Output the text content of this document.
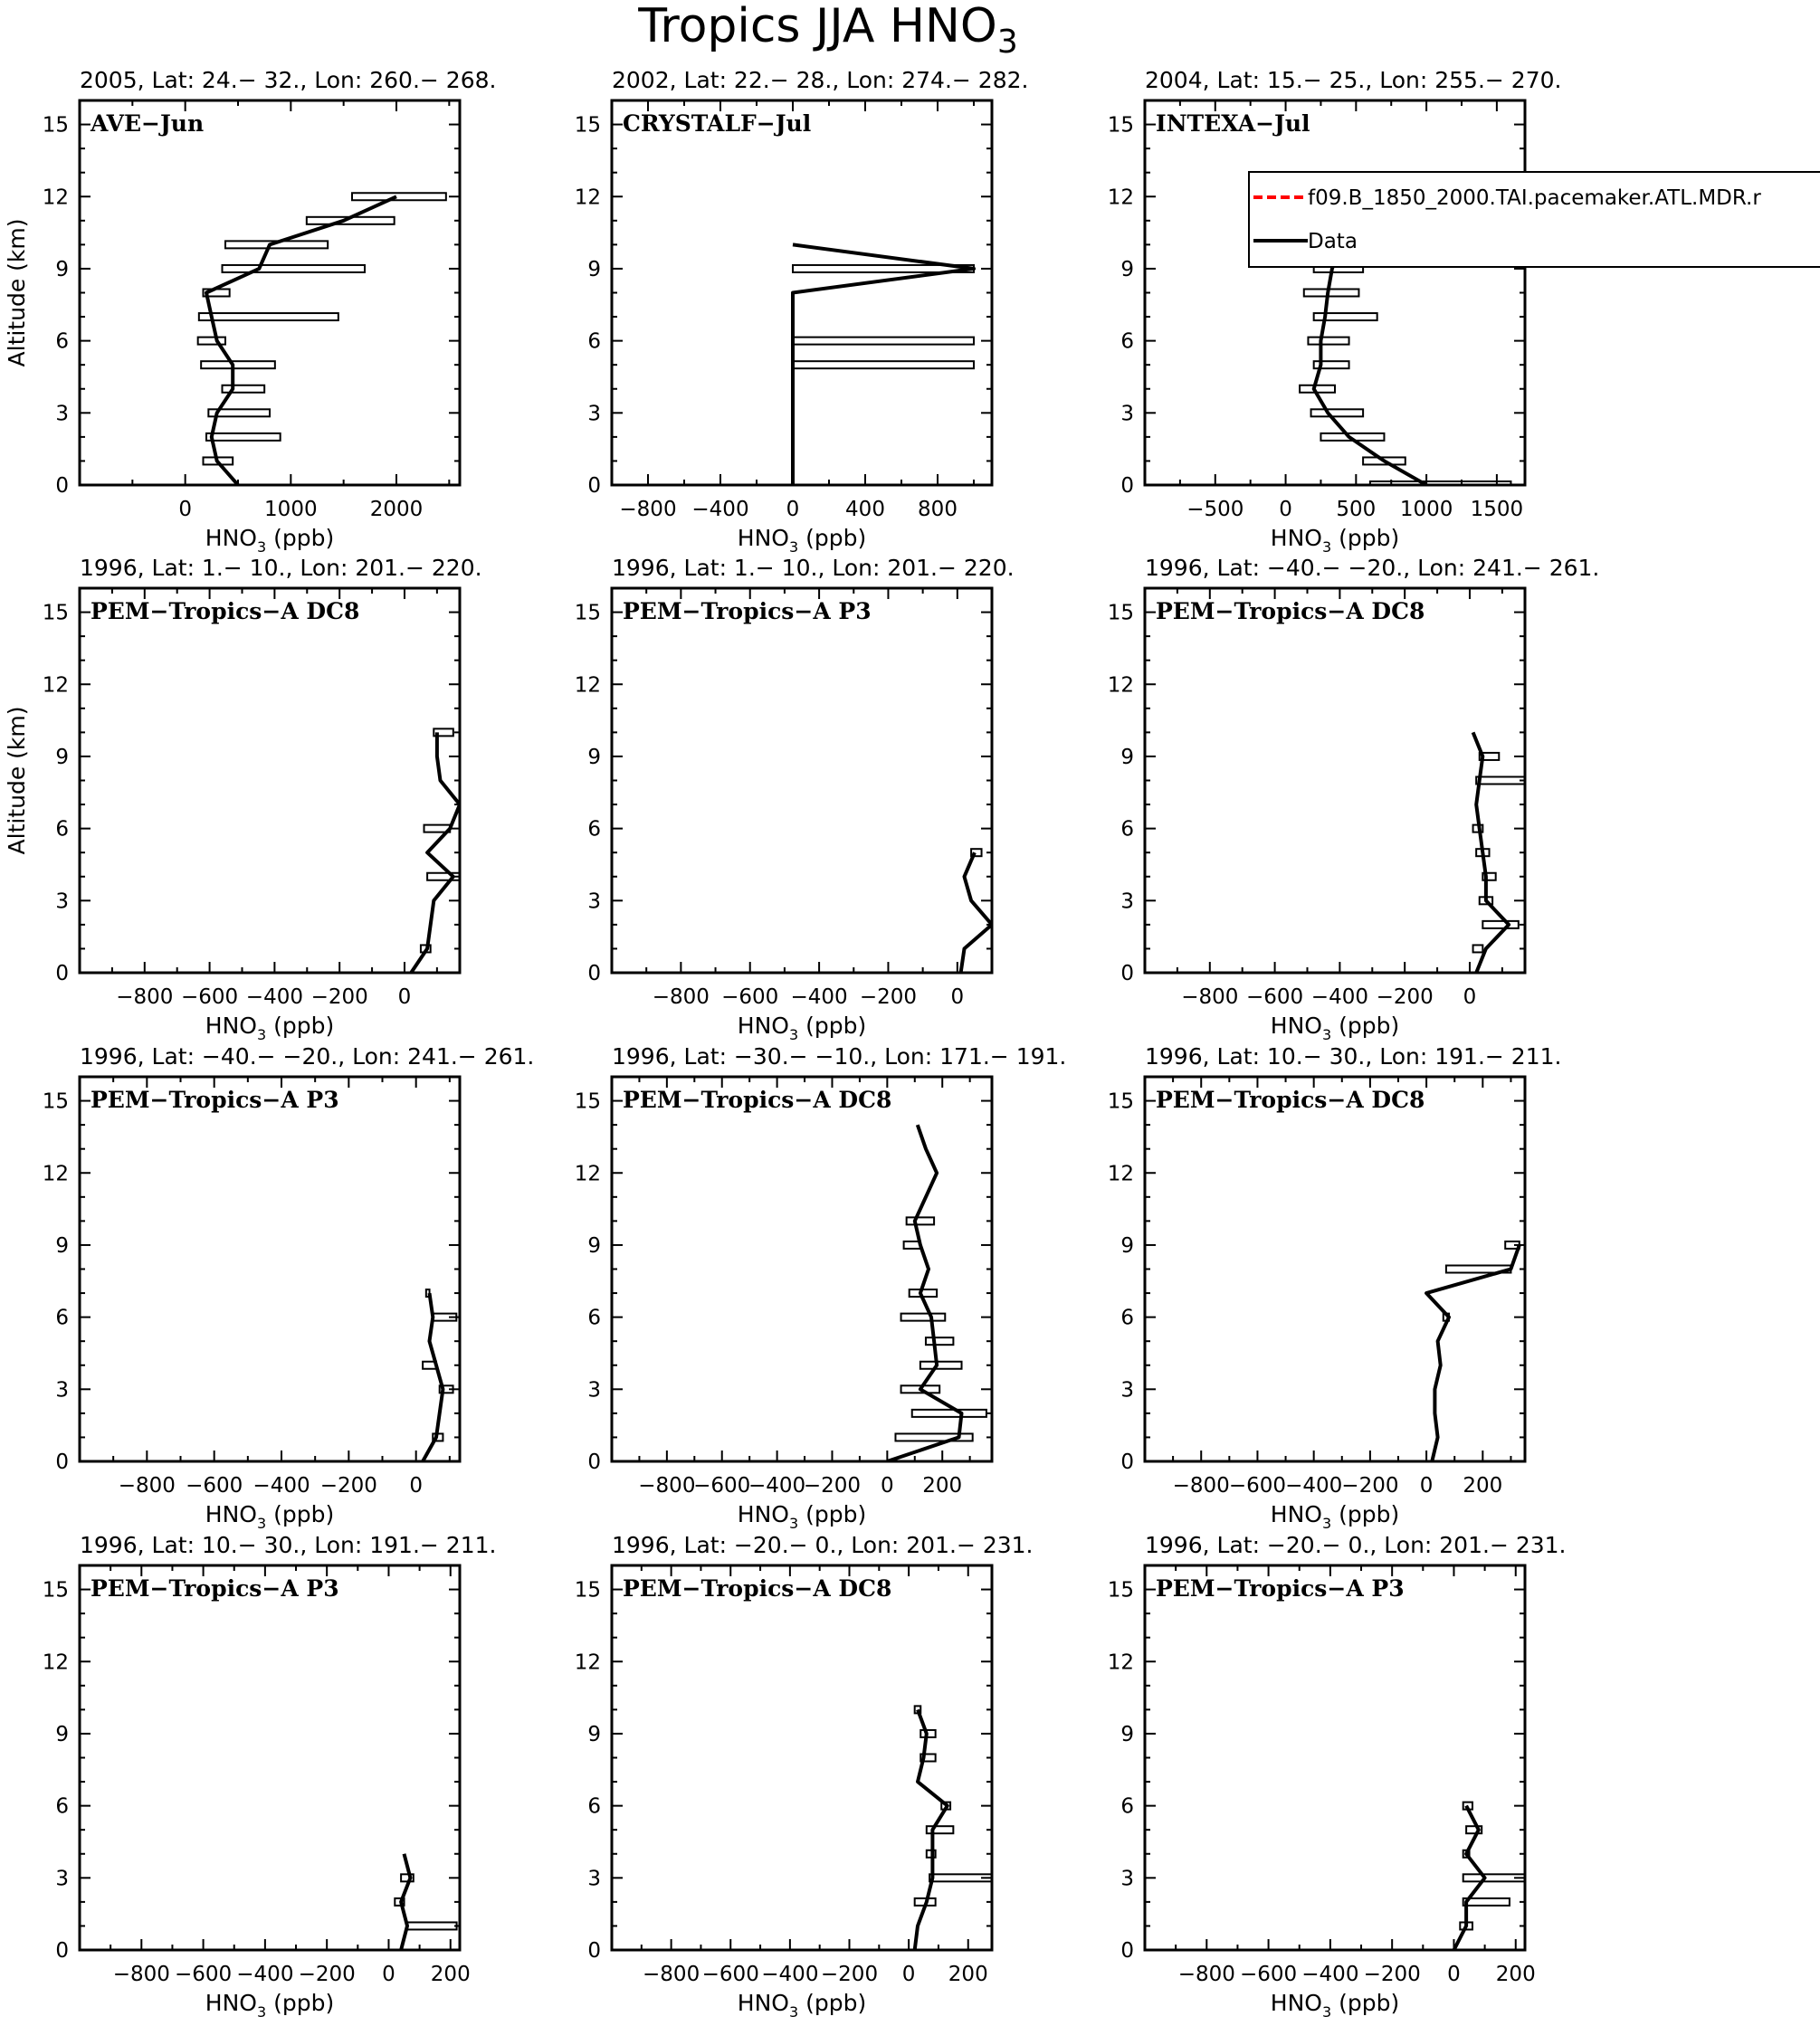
Tropics JJA $HNO_3$
2005, Lat: 24.− 32., Lon: 260.− 268.
AVE−Jun
0
3
6
9
12
15
0	1000	2000
$HNO_3$ (ppb)
Altitude (km)
2002, Lat: 22.− 28., Lon: 274.− 282.
CRYSTALF−Jul
0
3
6
9
12
15
−800 −400 0 400 800
$HNO_3$ (ppb)
2004, Lat: 15.− 25., Lon: 255.− 270.
INTEXA−Jul
0
3
6
9
12
15
−500 0 500 1000 1500
$HNO_3$ (ppb)
f09.B_1850_2000.TAI.pacemaker.ATL.MDR.r
Data
1996, Lat: 1.− 10., Lon: 201.− 220.
PEM−Tropics−A DC8
0
3
6
9
12
15
−800 −600 −400 −200 0
$HNO_3$ (ppb)
Altitude (km)
1996, Lat: 1.− 10., Lon: 201.− 220.
PEM−Tropics−A P3
0
3
6
9
12
15
−800 −600 −400 −200 0
$HNO_3$ (ppb)
1996, Lat: −40.− −20., Lon: 241.− 261.
PEM−Tropics−A DC8
0
3
6
9
12
15
−800 −600 −400 −200 0
$HNO_3$ (ppb)
1996, Lat: −40.− −20., Lon: 241.− 261.
PEM−Tropics−A P3
0
3
6
9
12
15
−800 −600 −400 −200 0
$HNO_3$ (ppb)
1996, Lat: −30.− −10., Lon: 171.− 191.
PEM−Tropics−A DC8
0
3
6
9
12
15
−800
−600
−400
−200 0 200
$HNO_3$ (ppb)
1996, Lat: 10.− 30., Lon: 191.− 211.
PEM−Tropics−A DC8
0
3
6
9
12
15
−800 −600 −400 −200 0 200
$HNO_3$ (ppb)
1996, Lat: 10.− 30., Lon: 191.− 211.
PEM−Tropics−A P3
0
3
6
9
12
15
−800 −600 −400 −200 0 200
$HNO_3$ (ppb)
1996, Lat: −20.− 0., Lon: 201.− 231.
PEM−Tropics−A DC8
0
3
6
9
12
15
−800 −600 −400 −200 0 200
$HNO_3$ (ppb)
1996, Lat: −20.− 0., Lon: 201.− 231.
PEM−Tropics−A P3
0
3
6
9
12
15
−800 −600 −400 −200 0 200
$HNO_3$ (ppb)
